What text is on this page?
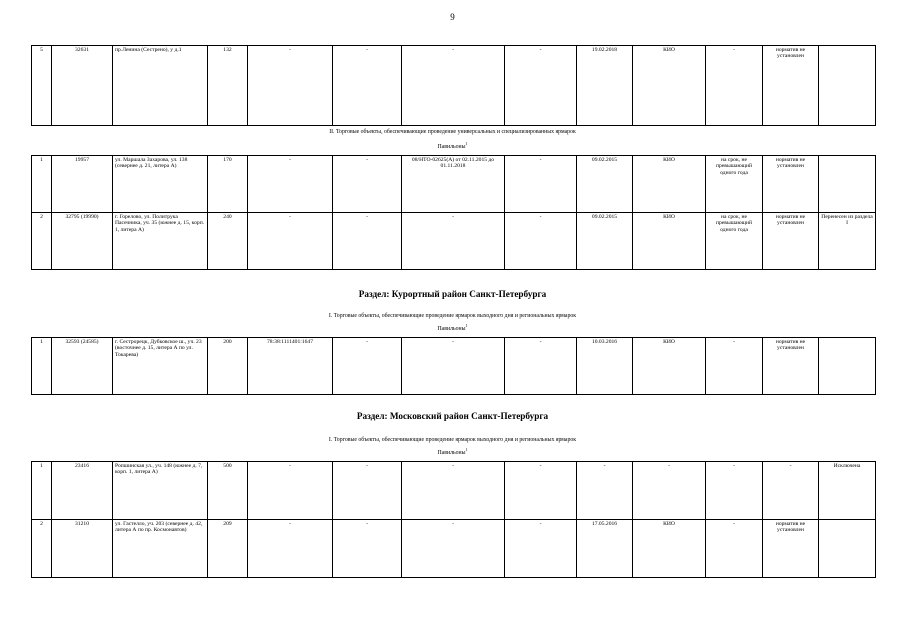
9
5	32631	пр.Ленина (Сестрено), у д.1	132	-	-	-	-	19.02.2018	КИО	-	норматив не установлен	
II. Торговые объекты, обеспечивающие проведение универсальных и специализированных ярмарок
Павильоны$^1$
1	19957	ул. Маршала Захарова, ул. 138 (севернее д. 21, литера А)	170	-	-	08/НТО-02625(А) от 02.11.2015 до 01.11.2018	-	09.02.2015	КИО	на срок, не превышающий одного года	норматив не установлен	
2	32795 (19990)	г. Горелово, ул. Политрука Пасечника, уч. 35 (южнее д. 15, корп. 1, литера А)	240	-	-	-	-	09.02.2015	КИО	на срок, не превышающий одного года	норматив не установлен	Перенесен из раздела I
Раздел: Курортный район Санкт-Петербурга
I. Торговые объекты, обеспечивающие проведение ярмарок выходного дня и региональных ярмарок
Павильоны$^1$
1	32593 (24585)	г. Сестрорецк, Дубковское ш., уч. 23 (восточнее д. 15, литера А по ул. Токарева)	200	78:38:1111401:1647	-	-	-	10.03.2016	КИО	-	норматив не установлен	
Раздел: Московский район Санкт-Петербурга
I. Торговые объекты, обеспечивающие проведение ярмарок выходного дня и региональных ярмарок
Павильоны$^1$
1	23416	Ропшинская ул., уч. 148 (южнее д. 7, корп. 1, литера А)	500	-	-	-	-	-	-	-	-	Исключена
2	31210	ул. Гастелло, уч. 203 (севернее д. 42, литера А по пр. Космонавтов)	209	-	-	-	-	17.05.2016	КИО	-	норматив не установлен	
